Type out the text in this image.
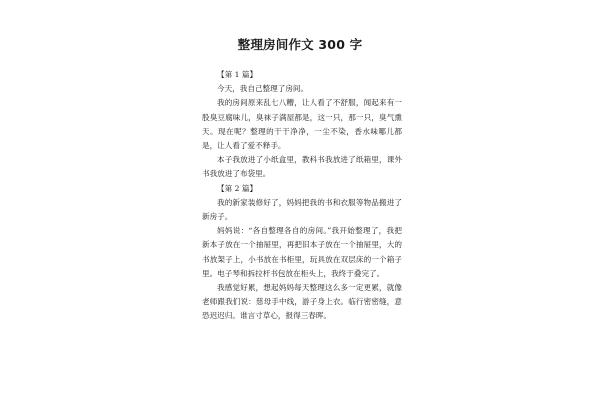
整理房间作文 300 字

【第 1 篇】

今天，我自己整理了房间。

我的房间原来乱七八糟，让人看了不舒服，闻起来有一股臭豆腐味儿，臭袜子满屋都是，这一只，那一只，臭气熏天。现在呢？整理的干干净净，一尘不染，香水味哪儿都是，让人看了爱不释手。

本子我放进了小纸盒里，教科书我放进了纸箱里，课外书我放进了布袋里。

【第 2 篇】

我的新家装修好了，妈妈把我的书和衣服等物品搬进了新房子。

妈妈说：“各自整理各自的房间。”我开始整理了，我把新本子放在一个抽屉里，再把旧本子放在一个抽屉里，大的书放架子上，小书放在书柜里，玩具放在双层床的一个箱子里。电子琴和拆拉杆书包放在柜头上，我终于叠完了。

我感觉好累，想起妈妈每天整理这么多一定更累，就像老师跟我们说：慈母手中线，游子身上衣。临行密密缝，意恐迟迟归。谁言寸草心，报得三春晖。
